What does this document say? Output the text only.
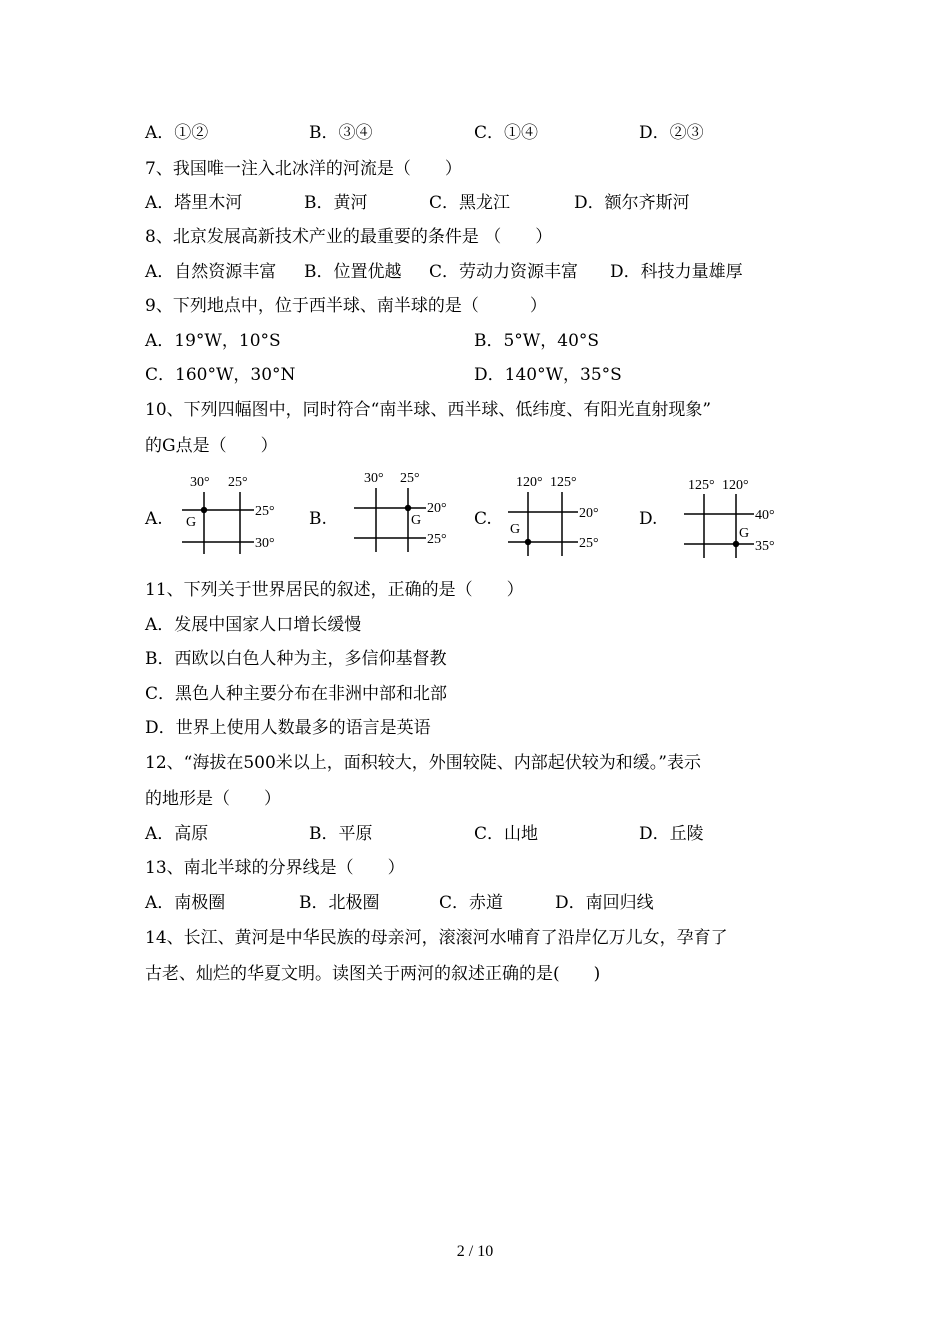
A．①②	B．③④	C．①④	D．②③
7、我国唯一注入北冰洋的河流是（　　）
A．塔里木河	B．黄河	C．黑龙江	D．额尔齐斯河
8、北京发展高新技术产业的最重要的条件是 （　　）
A．自然资源丰富 B．位置优越 C．劳动力资源丰富 D．科技力量雄厚
9、下列地点中，位于西半球、南半球的是（　　　）
A．19°W，10°S	B．5°W，40°S
C．160°W，30°N	D．140°W，35°S
10、下列四幅图中，同时符合“南半球、西半球、低纬度、有阳光直射现象”
的G点是（　　）
A.	B.	C.	D.
30° 25°
G
25°
30°
30° 25°
G
20°
25°
120° 125°
G
20°
25°
125° 120°
G
40°
35°
11、下列关于世界居民的叙述，正确的是（　　）
A．发展中国家人口增长缓慢
B．西欧以白色人种为主，多信仰基督教
C．黑色人种主要分布在非洲中部和北部
D．世界上使用人数最多的语言是英语
12、“海拔在500米以上，面积较大，外围较陡、内部起伏较为和缓。”表示
的地形是（　　）
A．高原	B．平原	C．山地	D．丘陵
13、南北半球的分界线是（　　）
A．南极圈	B．北极圈	C．赤道	D．南回归线
14、长江、黄河是中华民族的母亲河，滚滚河水哺育了沿岸亿万儿女，孕育了
古老、灿烂的华夏文明。读图关于两河的叙述正确的是(　　)
2 / 10
